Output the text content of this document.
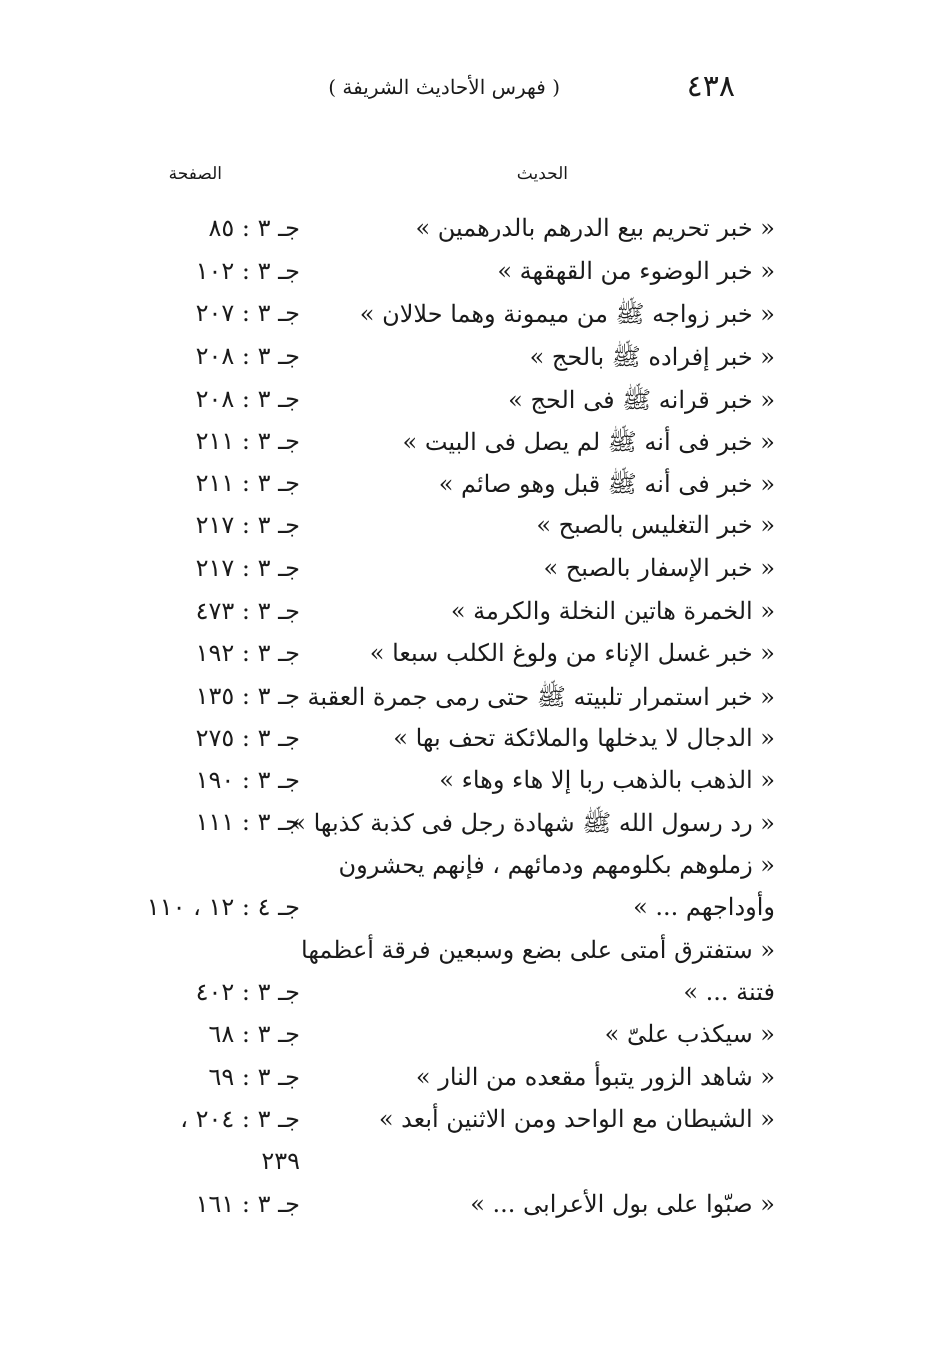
٤٣٨
( فهرس الأحاديث الشريفة )
الحديث
الصفحة
« خبر تحريم بيع الدرهم بالدرهمين »
جـ ٣ : ٨٥
« خبر الوضوء من القهقهة »
جـ ٣ : ١٠٢
« خبر زواجه ﷺ من ميمونة وهما حلالان »
جـ ٣ : ٢٠٧
« خبر إفراده ﷺ بالحج »
جـ ٣ : ٢٠٨
« خبر قرانه ﷺ فى الحج »
جـ ٣ : ٢٠٨
« خبر فى أنه ﷺ لم يصل فى البيت »
جـ ٣ : ٢١١
« خبر فى أنه ﷺ قبل وهو صائم »
جـ ٣ : ٢١١
« خبر التغليس بالصبح »
جـ ٣ : ٢١٧
« خبر الإسفار بالصبح »
جـ ٣ : ٢١٧
« الخمرة هاتين النخلة والكرمة »
جـ ٣ : ٤٧٣
« خبر غسل الإناء من ولوغ الكلب سبعا »
جـ ٣ : ١٩٢
« خبر استمرار تلبيته ﷺ حتى رمى جمرة العقبة
جـ ٣ : ١٣٥
« الدجال لا يدخلها والملائكة تحف بها »
جـ ٣ : ٢٧٥
« الذهب بالذهب ربا إلا هاء وهاء »
جـ ٣ : ١٩٠
« رد رسول الله ﷺ شهادة رجل فى كذبة كذبها »
جـ ٣ : ١١١
« زملوهم بكلومهم ودمائهم ، فإنهم يحشرون
وأوداجهم ... »
جـ ٤ : ١٢ ، ١١٠
« ستفترق أمتى على بضع وسبعين فرقة أعظمها
فتنة ... »
جـ ٣ : ٤٠٢
« سيكذب علىّ »
جـ ٣ : ٦٨
« شاهد الزور يتبوأ مقعده من النار »
جـ ٣ : ٦٩
« الشيطان مع الواحد ومن الاثنين أبعد »
جـ ٣ : ٢٠٤ ،
٢٣٩
« صبّوا على بول الأعرابى ... »
جـ ٣ : ١٦١
